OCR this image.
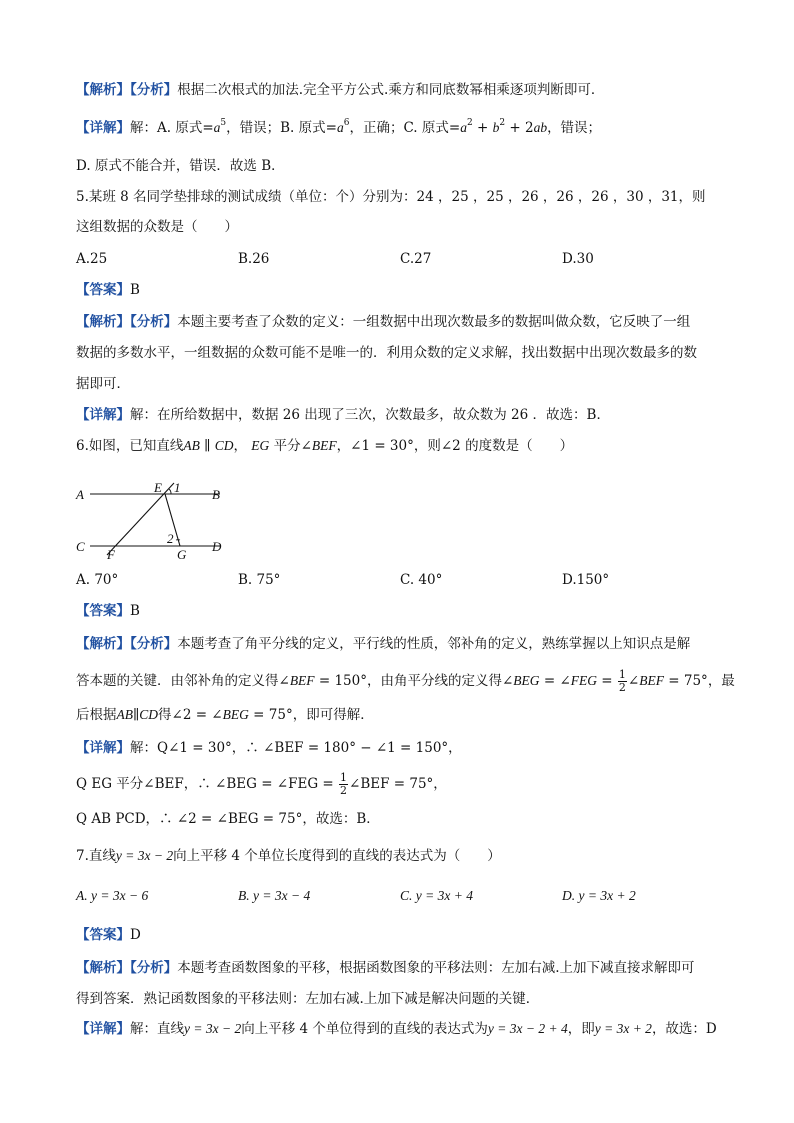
【解析】【分析】根据二次根式的加法.完全平方公式.乘方和同底数幂相乘逐项判断即可．
【详解】解：A. 原式$=a^5$，错误；B. 原式$=a^6$，正确；C. 原式$=a^2 + b^2 + 2ab$，错误；
D. 原式不能合并，错误．故选 B．
5.某班 8 名同学垫排球的测试成绩（单位：个）分别为：24 ，25 ，25 ，26 ，26 ，26 ，30 ，31，则
这组数据的众数是（　　）
A.25	B.26	C.27	D.30
【答案】B
【解析】【分析】本题主要考查了众数的定义：一组数据中出现次数最多的数据叫做众数，它反映了一组
数据的多数水平，一组数据的众数可能不是唯一的．利用众数的定义求解，找出数据中出现次数最多的数
据即可．
【详解】解：在所给数据中，数据 26 出现了三次，次数最多，故众数为 26 ．故选：B．
6.如图，已知直线AB ∥ CD， EG 平分∠BEF，∠1 = 30°，则∠2 的度数是（　　）
A	B
C	D
E
F	G
1
2
A. 70°	B. 75°	C. 40°	D.150°
【答案】B
【解析】【分析】本题考查了角平分线的定义，平行线的性质，邻补角的定义，熟练掌握以上知识点是解
答本题的关键．由邻补角的定义得∠BEF = 150°，由角平分线的定义得∠BEG = ∠FEG = $\frac{1}{2}$ ∠BEF = 75°，最
后根据AB∥CD得∠2 = ∠BEG = 75°，即可得解．
【详解】解：Q∠1 = 30°，∴ ∠BEF = 180° − ∠1 = 150°，
Q EG 平分∠BEF，∴ ∠BEG = ∠FEG = $\frac{1}{2}$ ∠BEF = 75°，
Q AB PCD，∴ ∠2 = ∠BEG = 75°，故选：B．
7.直线y = 3x − 2向上平移 4 个单位长度得到的直线的表达式为（　　）
A. y = 3x − 6	B. y = 3x − 4	C. y = 3x + 4	D. y = 3x + 2
【答案】D
【解析】【分析】本题考查函数图象的平移，根据函数图象的平移法则：左加右减.上加下减直接求解即可
得到答案．熟记函数图象的平移法则：左加右减.上加下减是解决问题的关键．
【详解】解：直线y = 3x − 2向上平移 4 个单位得到的直线的表达式为y = 3x − 2 + 4，即y = 3x + 2，故选：D
